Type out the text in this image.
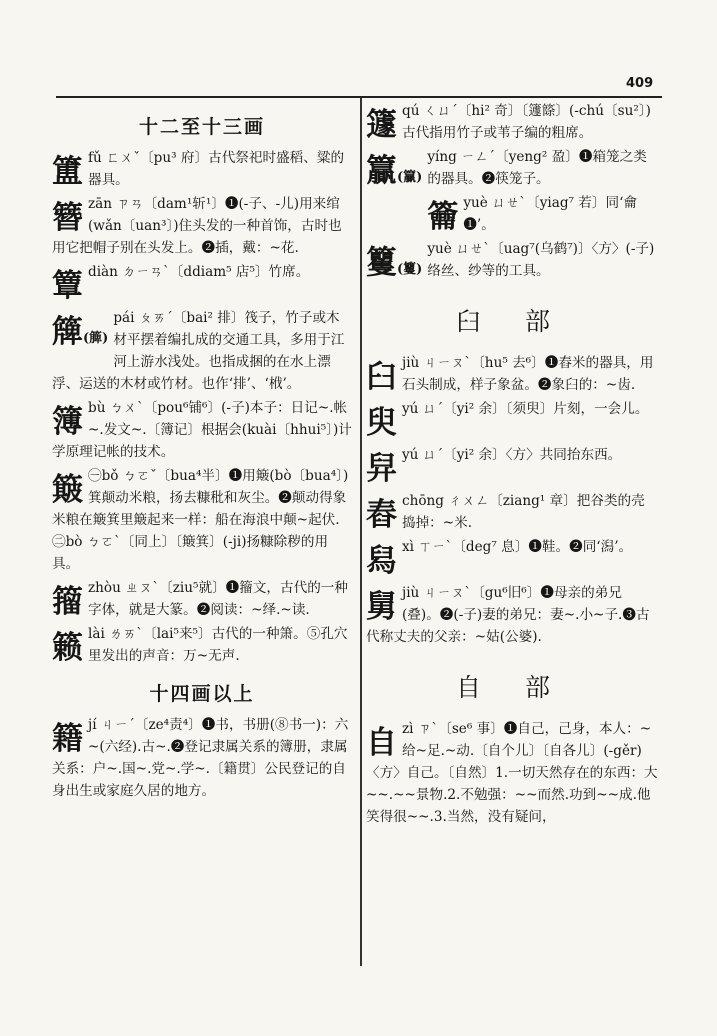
409
十二至十三画
簠 fǔ ㄈㄨˇ〔pu³ 府〕古代祭祀时盛稻、粱的器具。
簪 zān ㄗㄢ〔dam¹斩¹〕❶(-子、-儿)用来绾(wǎn〔uan³〕)住头发的一种首饰，古时也用它把帽子别在头发上。❷插，戴：~花.
簟 diàn ㄉㄧㄢˋ〔ddiam⁵ 店⁵〕竹席。
簰(簲)
pái ㄆㄞˊ〔bai² 排〕筏子，竹子或木材平摆着编扎成的交通工具，多用于江河上游水浅处。也指成捆的在水上漂浮、运送的木材或竹材。也作‘排’、‘栰’。
簿 bù ㄅㄨˋ〔pou⁶铺⁶〕(-子)本子：日记~.帐~.发文~.〔簿记〕根据会(kuài〔hhui⁵〕)计学原理记帐的技术。
簸 ㊀bǒ ㄅㄛˇ〔bua⁴半〕❶用簸(bò〔bua⁴〕)箕颠动米粮，扬去糠秕和灰尘。❷颠动得象米粮在簸箕里簸起来一样：船在海浪中颠~起伏.
㊁bò ㄅㄛˋ〔同上〕〔簸箕〕(-ji)扬糠除秽的用具。
籀 zhòu ㄓㄡˋ〔ziu⁵就〕❶籀文，古代的一种字体，就是大篆。❷阅读：~绎.~读.
籁 lài ㄌㄞˋ〔lai⁵来⁵〕古代的一种箫。⑤孔穴里发出的声音：万~无声.
十四画以上
籍 jí ㄐㄧˊ〔ze⁴责⁴〕❶书，书册(⑧书一)：六~(六经).古~.❷登记隶属关系的簿册，隶属关系：户~.国~.党~.学~.〔籍贯〕公民登记的自身出生或家庭久居的地方。
籧 qú ㄑㄩˊ〔hi² 奇〕〔籧篨〕(-chú〔su²〕)古代指用竹子或苇子编的粗席。
籯(籯)
yíng ㄧㄥˊ〔yeng² 盈〕❶箱笼之类的器具。❷筷笼子。
籥 yuè ㄩㄝˋ〔yiag⁷ 若〕同‘龠❶’。
籰(籰)
yuè ㄩㄝˋ〔uag⁷(乌鹤⁷)〕〈方〉(-子)络丝、纱等的工具。
臼 部
臼 jiù ㄐㄧㄡˋ〔hu⁵ 去⁶〕❶舂米的器具，用石头制成，样子象盆。❷象臼的：~齿.
臾 yú ㄩˊ〔yi² 余〕〔须臾〕片刻，一会儿。
舁 yú ㄩˊ〔yi² 余〕〈方〉共同抬东西。
舂 chōng ㄔㄨㄥ〔ziang¹ 章〕把谷类的壳捣掉：~米.
舄 xì ㄒㄧˋ〔deg⁷ 息〕❶鞋。❷同‘潟’。
舅 jiù ㄐㄧㄡˋ〔gu⁶旧⁶〕❶母亲的弟兄(叠)。❷(-子)妻的弟兄：妻~.小~子.❸古代称丈夫的父亲：~姑(公婆).
自 部
自 zì ㄗˋ〔se⁶ 事〕❶自己，己身，本人：~给~足.~动.〔自个儿〕〔自各儿〕(-gěr)〈方〉自己。〔自然〕1.一切天然存在的东西：大~~.~~景物.2.不勉强：~~而然.功到~~成.他笑得很~~.3.当然，没有疑问，
